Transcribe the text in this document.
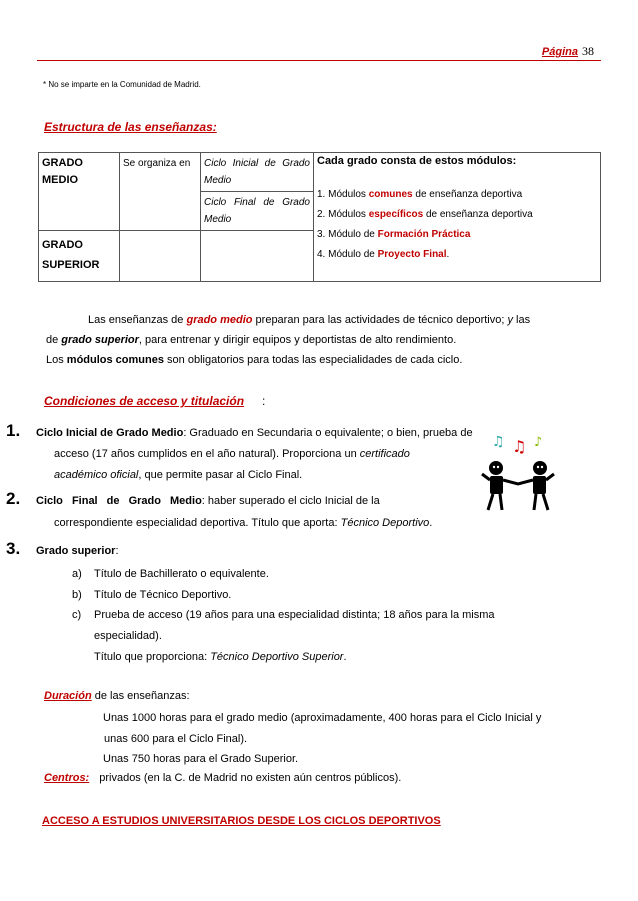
Página 38
* No se imparte en la Comunidad de Madrid.
Estructura de las enseñanzas:
GRADO MEDIO	Se organiza en	Ciclo Inicial de Grado Medio	Cada grado consta de estos módulos:
1. Módulos comunes de enseñanza deportiva
2. Módulos específicos de enseñanza deportiva
3. Módulo de Formación Práctica
4. Módulo de Proyecto Final.

		Ciclo Final de Grado Medio	
GRADO SUPERIOR			

Las enseñanzas de grado medio preparan para las actividades de técnico deportivo; y las

de grado superior, para entrenar y dirigir equipos y deportistas de alto rendimiento.

Los módulos comunes son obligatorios para todas las especialidades de cada ciclo.

Condiciones de acceso y titulación :
1. Ciclo Inicial de Grado Medio: Graduado en Secundaria o equivalente; o bien, prueba de
acceso (17 años cumplidos en el año natural). Proporciona un certificado
académico oficial, que permite pasar al Ciclo Final.
2. Ciclo Final de Grado Medio: haber superado el ciclo Inicial de la
correspondiente especialidad deportiva. Título que aporta: Técnico Deportivo.
3. Grado superior:
a) Título de Bachillerato o equivalente.
b) Título de Técnico Deportivo.
c) Prueba de acceso (19 años para una especialidad distinta; 18 años para la misma
especialidad).
Título que proporciona: Técnico Deportivo Superior.
Duración de las enseñanzas:
Unas 1000 horas para el grado medio (aproximadamente, 400 horas para el Ciclo Inicial y
unas 600 para el Ciclo Final).
Unas 750 horas para el Grado Superior.
Centros: privados (en la C. de Madrid no existen aún centros públicos).
♫ ♫ ♪
ACCESO A ESTUDIOS UNIVERSITARIOS DESDE LOS CICLOS DEPORTIVOS
